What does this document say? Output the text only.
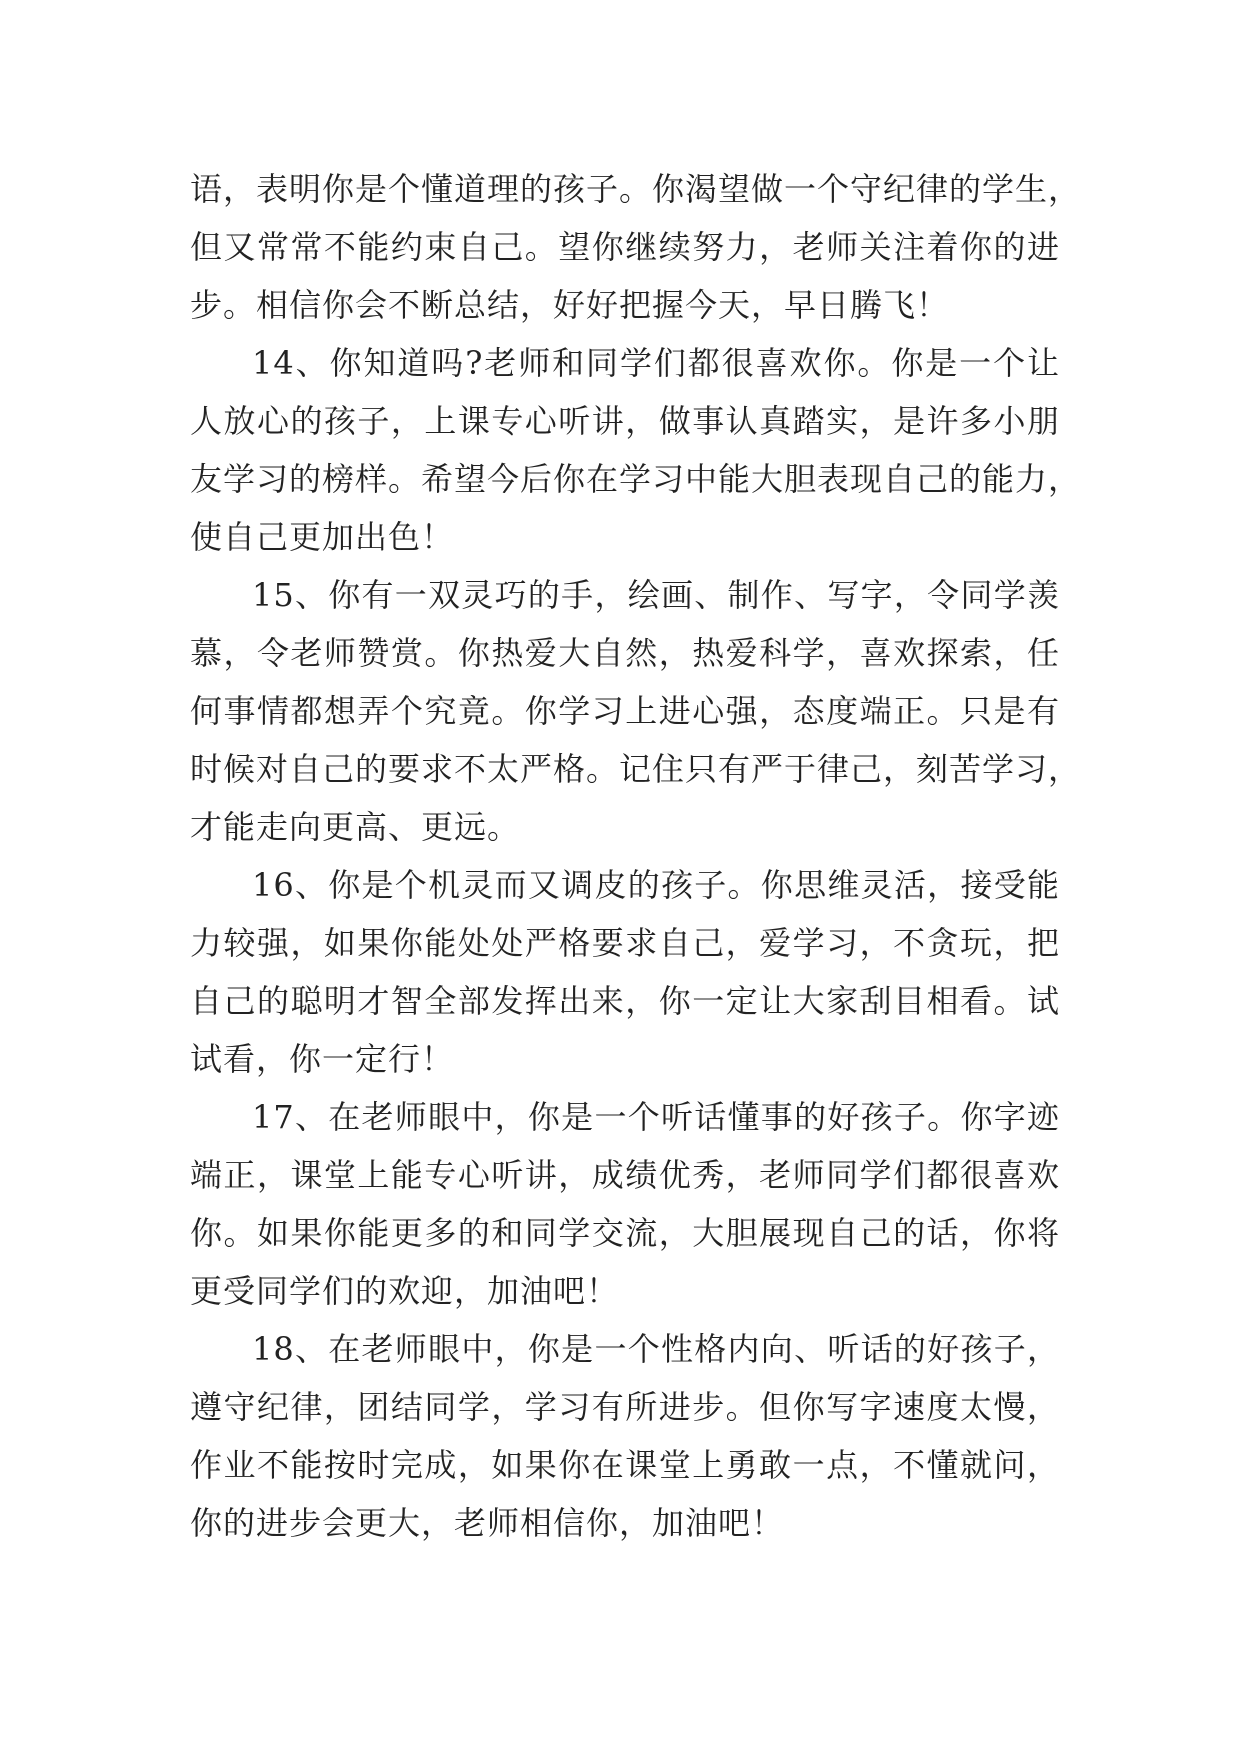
语，表明你是个懂道理的孩子。你渴望做一个守纪律的学生，
但又常常不能约束自己。望你继续努力，老师关注着你的进
步。相信你会不断总结，好好把握今天，早日腾飞！
14、你知道吗?老师和同学们都很喜欢你。你是一个让
人放心的孩子，上课专心听讲，做事认真踏实，是许多小朋
友学习的榜样。希望今后你在学习中能大胆表现自己的能力，
使自己更加出色！
15、你有一双灵巧的手，绘画、制作、写字，令同学羡
慕，令老师赞赏。你热爱大自然，热爱科学，喜欢探索，任
何事情都想弄个究竟。你学习上进心强，态度端正。只是有
时候对自己的要求不太严格。记住只有严于律己，刻苦学习，
才能走向更高、更远。
16、你是个机灵而又调皮的孩子。你思维灵活，接受能
力较强，如果你能处处严格要求自己，爱学习，不贪玩，把
自己的聪明才智全部发挥出来，你一定让大家刮目相看。试
试看，你一定行！
17、在老师眼中，你是一个听话懂事的好孩子。你字迹
端正，课堂上能专心听讲，成绩优秀，老师同学们都很喜欢
你。如果你能更多的和同学交流，大胆展现自己的话，你将
更受同学们的欢迎，加油吧！
18、在老师眼中，你是一个性格内向、听话的好孩子，
遵守纪律，团结同学，学习有所进步。但你写字速度太慢，
作业不能按时完成，如果你在课堂上勇敢一点，不懂就问，
你的进步会更大，老师相信你，加油吧！
